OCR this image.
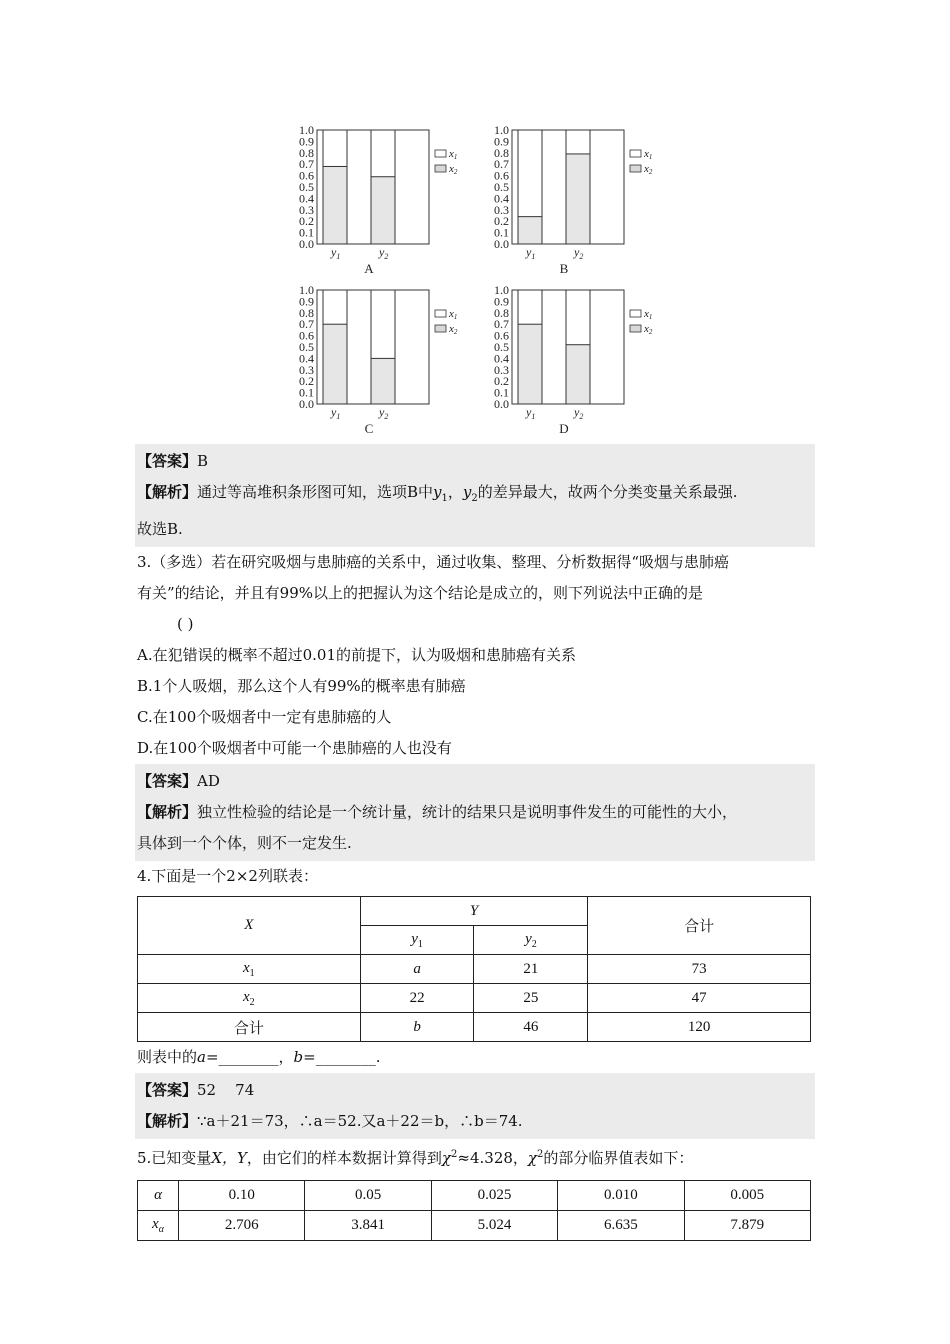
1.0
0.9
0.8
0.7
0.6
0.5
0.4
0.3
0.2
0.1
0.0
$y_1$	$y_2$
A
x1
x2
1.0
0.9
0.8
0.7
0.6
0.5
0.4
0.3
0.2
0.1
0.0
$y_1$	$y_2$
B
x1
x2
1.0
0.9
0.8
0.7
0.6
0.5
0.4
0.3
0.2
0.1
0.0
$y_1$	$y_2$
C
x1
x2
1.0
0.9
0.8
0.7
0.6
0.5
0.4
0.3
0.2
0.1
0.0
$y_1$	$y_2$
D
x1
x2

【答案】B

【解析】通过等高堆积条形图可知，选项B中$y_1$，$y_2$的差异最大，故两个分类变量关系最强.

故选B.

3.（多选）若在研究吸烟与患肺癌的关系中，通过收集、整理、分析数据得“吸烟与患肺癌

有关”的结论，并且有99%以上的把握认为这个结论是成立的，则下列说法中正确的是

( )

A.在犯错误的概率不超过0.01的前提下，认为吸烟和患肺癌有关系

B.1个人吸烟，那么这个人有99%的概率患有肺癌

C.在100个吸烟者中一定有患肺癌的人

D.在100个吸烟者中可能一个患肺癌的人也没有

【答案】AD

【解析】独立性检验的结论是一个统计量，统计的结果只是说明事件发生的可能性的大小，

具体到一个个体，则不一定发生.

4.下面是一个2×2列联表：

X	Y		合计
	$y_1$	$y_2$
$x_1$	a	21	73
$x_2$	22	25	47
合计	b	46	120

则表中的a=________，b=________.

【答案】52    74

【解析】∵a＋21＝73，∴a＝52.又a＋22＝b，∴b＝74.

5.已知变量X，Y，由它们的样本数据计算得到$\chi^2\approx 4.328$，$\chi^2$的部分临界值表如下：

α	0.10	0.05	0.025	0.010	0.005
$x_\alpha$	2.706	3.841	5.024	6.635	7.879
